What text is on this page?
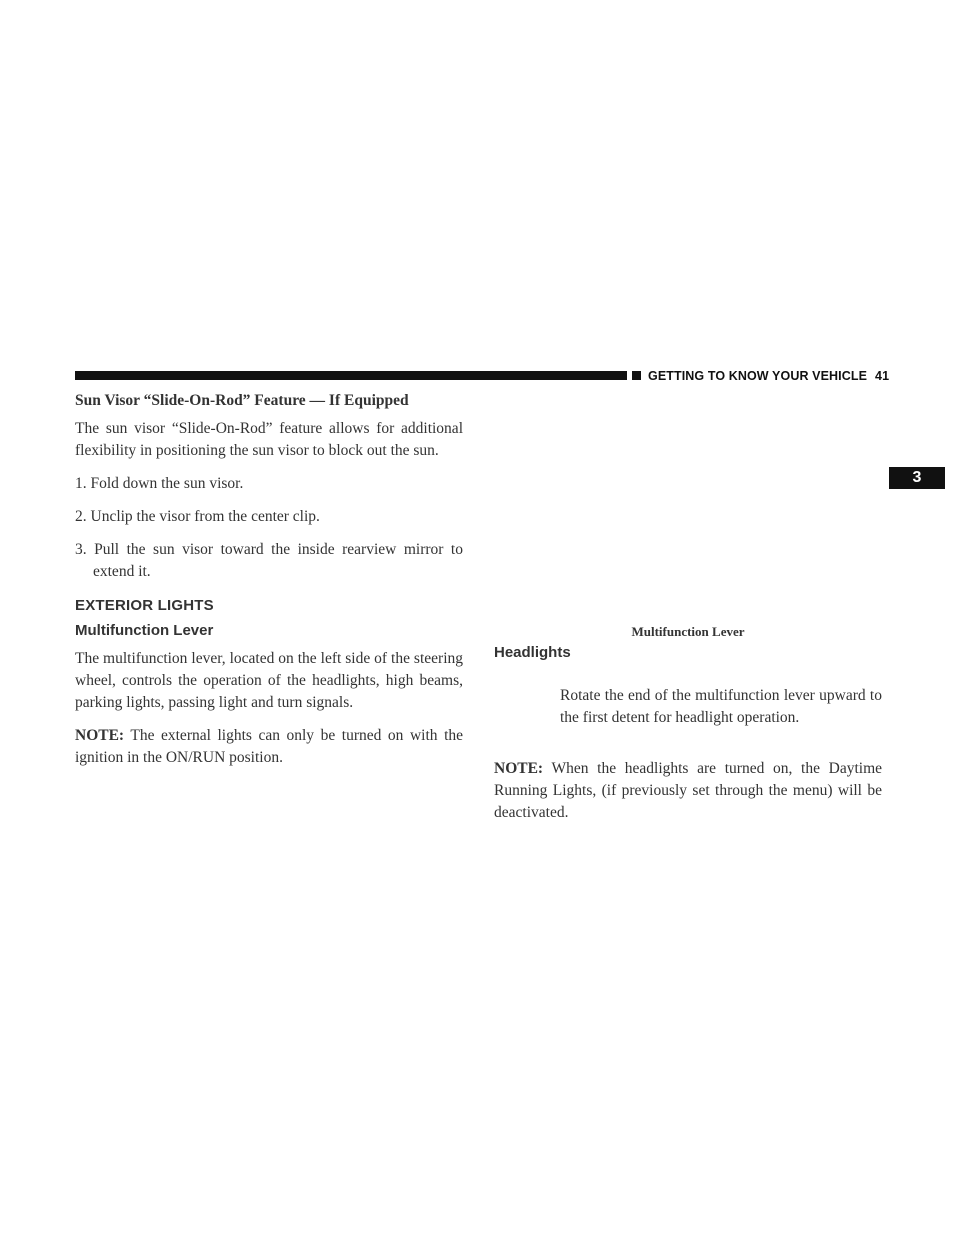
GETTING TO KNOW YOUR VEHICLE 41
3
Sun Visor “Slide-On-Rod” Feature — If Equipped

The sun visor “Slide-On-Rod” feature allows for additional flexibility in positioning the sun visor to block out the sun.

1. Fold down the sun visor.
2. Unclip the visor from the center clip.
3. Pull the sun visor toward the inside rearview mirror to extend it.
EXTERIOR LIGHTS
Multifunction Lever

The multifunction lever, located on the left side of the steering wheel, controls the operation of the headlights, high beams, parking lights, passing light and turn signals.

NOTE: The external lights can only be turned on with the ignition in the ON/RUN position.

Multifunction Lever
Headlights
Rotate the end of the multifunction lever upward to the first detent for headlight operation.
NOTE: When the headlights are turned on, the Daytime Running Lights, (if previously set through the menu) will be deactivated.
